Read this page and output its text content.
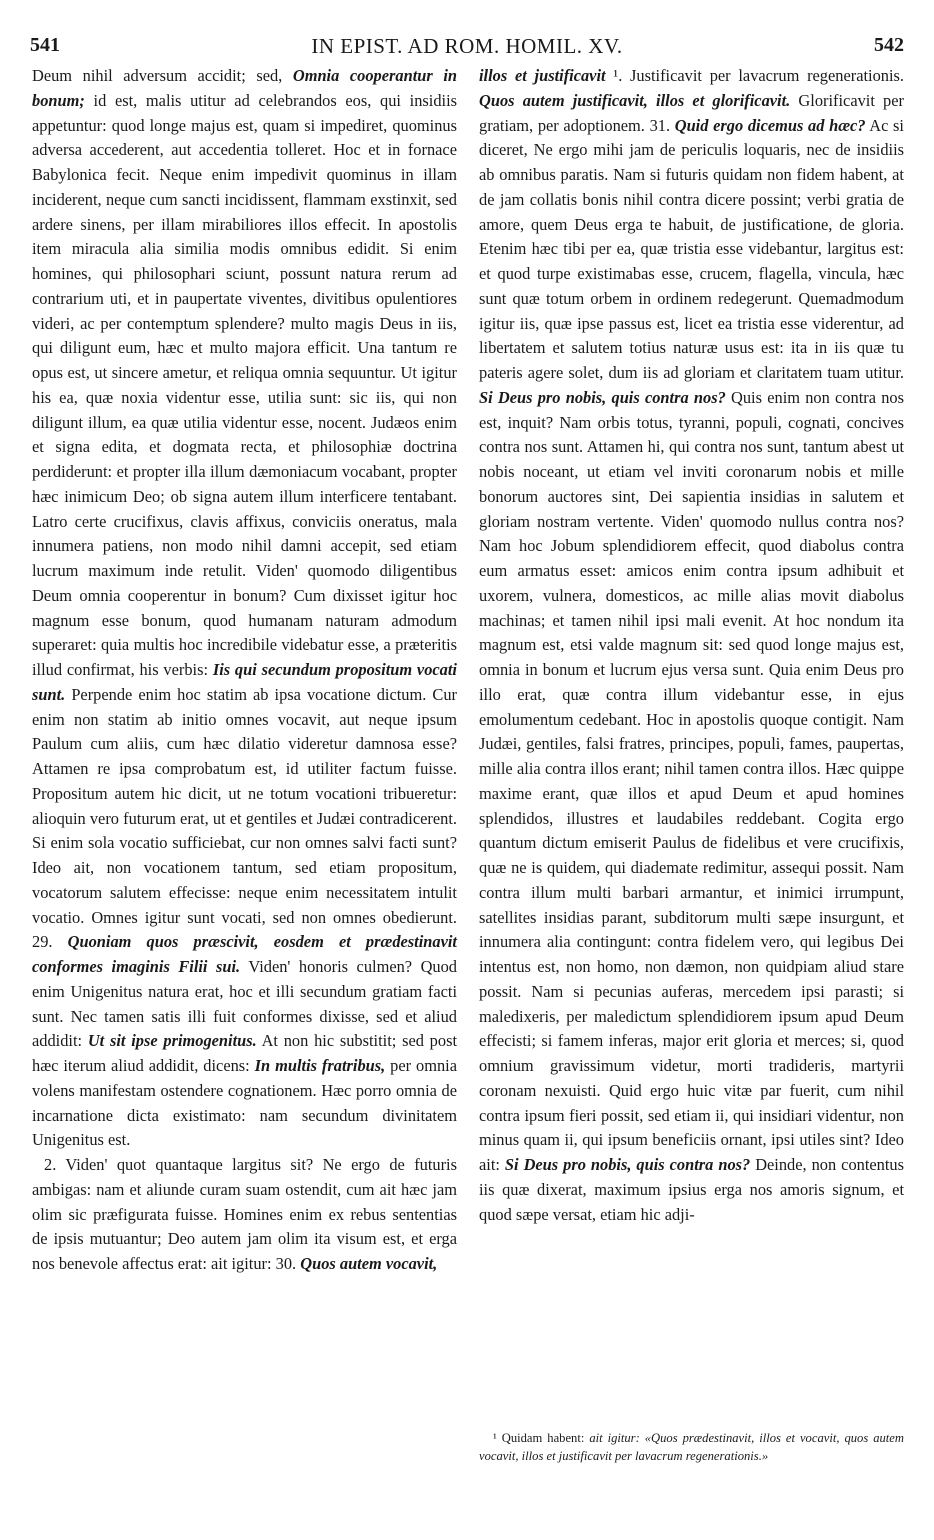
541	IN EPIST. AD ROM. HOMIL. XV.	542

Deum nihil adversum accidit; sed, Omnia cooperantur in bonum; id est, malis utitur ad celebrandos eos, qui insidiis appetuntur: quod longe majus est, quam si impediret, quominus adversa accederent, aut accedentia tolleret. Hoc et in fornace Babylonica fecit. Neque enim impedivit quominus in illam inciderent, neque cum sancti incidissent, flammam exstinxit, sed ardere sinens, per illam mirabiliores illos effecit. In apostolis item miracula alia similia modis omnibus edidit. Si enim homines, qui philosophari sciunt, possunt natura rerum ad contrarium uti, et in paupertate viventes, divitibus opulentiores videri, ac per contemptum splendere? multo magis Deus in iis, qui diligunt eum, hæc et multo majora efficit. Una tantum re opus est, ut sincere ametur, et reliqua omnia sequuntur. Ut igitur his ea, quæ noxia videntur esse, utilia sunt: sic iis, qui non diligunt illum, ea quæ utilia videntur esse, nocent. Judæos enim et signa edita, et dogmata recta, et philosophiæ doctrina perdiderunt: et propter illa illum dæmoniacum vocabant, propter hæc inimicum Deo; ob signa autem illum interficere tentabant. Latro certe crucifixus, clavis affixus, conviciis oneratus, mala innumera patiens, non modo nihil damni accepit, sed etiam lucrum maximum inde retulit. Viden' quomodo diligentibus Deum omnia cooperentur in bonum? Cum dixisset igitur hoc magnum esse bonum, quod humanam naturam admodum superaret: quia multis hoc incredibile videbatur esse, a præteritis illud confirmat, his verbis: Iis qui secundum propositum vocati sunt. Perpende enim hoc statim ab ipsa vocatione dictum. Cur enim non statim ab initio omnes vocavit, aut neque ipsum Paulum cum aliis, cum hæc dilatio videretur damnosa esse? Attamen re ipsa comprobatum est, id utiliter factum fuisse. Propositum autem hic dicit, ut ne totum vocationi tribueretur: alioquin vero futurum erat, ut et gentiles et Judæi contradicerent. Si enim sola vocatio sufficiebat, cur non omnes salvi facti sunt? Ideo ait, non vocationem tantum, sed etiam propositum, vocatorum salutem effecisse: neque enim necessitatem intulit vocatio. Omnes igitur sunt vocati, sed non omnes obedierunt. 29. Quoniam quos præscivit, eosdem et prædestinavit conformes imaginis Filii sui. Viden' honoris culmen? Quod enim Unigenitus natura erat, hoc et illi secundum gratiam facti sunt. Nec tamen satis illi fuit conformes dixisse, sed et aliud addidit: Ut sit ipse primogenitus. At non hic substitit; sed post hæc iterum aliud addidit, dicens: In multis fratribus, per omnia volens manifestam ostendere cognationem. Hæc porro omnia de incarnatione dicta existimato: nam secundum divinitatem Unigenitus est.

2. Viden' quot quantaque largitus sit? Ne ergo de futuris ambigas: nam et aliunde curam suam ostendit, cum ait hæc jam olim sic præfigurata fuisse. Homines enim ex rebus sententias de ipsis mutuantur; Deo autem jam olim ita visum est, et erga nos benevole affectus erat: ait igitur: 30. Quos autem vocavit,

illos et justificavit ¹. Justificavit per lavacrum regenerationis. Quos autem justificavit, illos et glorificavit. Glorificavit per gratiam, per adoptionem. 31. Quid ergo dicemus ad hæc? Ac si diceret, Ne ergo mihi jam de periculis loquaris, nec de insidiis ab omnibus paratis. Nam si futuris quidam non fidem habent, at de jam collatis bonis nihil contra dicere possint; verbi gratia de amore, quem Deus erga te habuit, de justificatione, de gloria. Etenim hæc tibi per ea, quæ tristia esse videbantur, largitus est: et quod turpe existimabas esse, crucem, flagella, vincula, hæc sunt quæ totum orbem in ordinem redegerunt. Quemadmodum igitur iis, quæ ipse passus est, licet ea tristia esse viderentur, ad libertatem et salutem totius naturæ usus est: ita in iis quæ tu pateris agere solet, dum iis ad gloriam et claritatem tuam utitur. Si Deus pro nobis, quis contra nos? Quis enim non contra nos est, inquit? Nam orbis totus, tyranni, populi, cognati, concives contra nos sunt. Attamen hi, qui contra nos sunt, tantum abest ut nobis noceant, ut etiam vel inviti coronarum nobis et mille bonorum auctores sint, Dei sapientia insidias in salutem et gloriam nostram vertente. Viden' quomodo nullus contra nos? Nam hoc Jobum splendidiorem effecit, quod diabolus contra eum armatus esset: amicos enim contra ipsum adhibuit et uxorem, vulnera, domesticos, ac mille alias movit diabolus machinas; et tamen nihil ipsi mali evenit. At hoc nondum ita magnum est, etsi valde magnum sit: sed quod longe majus est, omnia in bonum et lucrum ejus versa sunt. Quia enim Deus pro illo erat, quæ contra illum videbantur esse, in ejus emolumentum cedebant. Hoc in apostolis quoque contigit. Nam Judæi, gentiles, falsi fratres, principes, populi, fames, paupertas, mille alia contra illos erant; nihil tamen contra illos. Hæc quippe maxime erant, quæ illos et apud Deum et apud homines splendidos, illustres et laudabiles reddebant. Cogita ergo quantum dictum emiserit Paulus de fidelibus et vere crucifixis, quæ ne is quidem, qui diademate redimitur, assequi possit. Nam contra illum multi barbari armantur, et inimici irrumpunt, satellites insidias parant, subditorum multi sæpe insurgunt, et innumera alia contingunt: contra fidelem vero, qui legibus Dei intentus est, non homo, non dæmon, non quidpiam aliud stare possit. Nam si pecunias auferas, mercedem ipsi parasti; si maledixeris, per maledictum splendidiorem ipsum apud Deum effecisti; si famem inferas, major erit gloria et merces; si, quod omnium gravissimum videtur, morti tradideris, martyrii coronam nexuisti. Quid ergo huic vitæ par fuerit, cum nihil contra ipsum fieri possit, sed etiam ii, qui insidiari videntur, non minus quam ii, qui ipsum beneficiis ornant, ipsi utiles sint? Ideo ait: Si Deus pro nobis, quis contra nos? Deinde, non contentus iis quæ dixerat, maximum ipsius erga nos amoris signum, et quod sæpe versat, etiam hic adji-

¹ Quidam habent: ait igitur: «Quos prædestinavit, illos et vocavit, quos autem vocavit, illos et justificavit per lavacrum regenerationis.»
